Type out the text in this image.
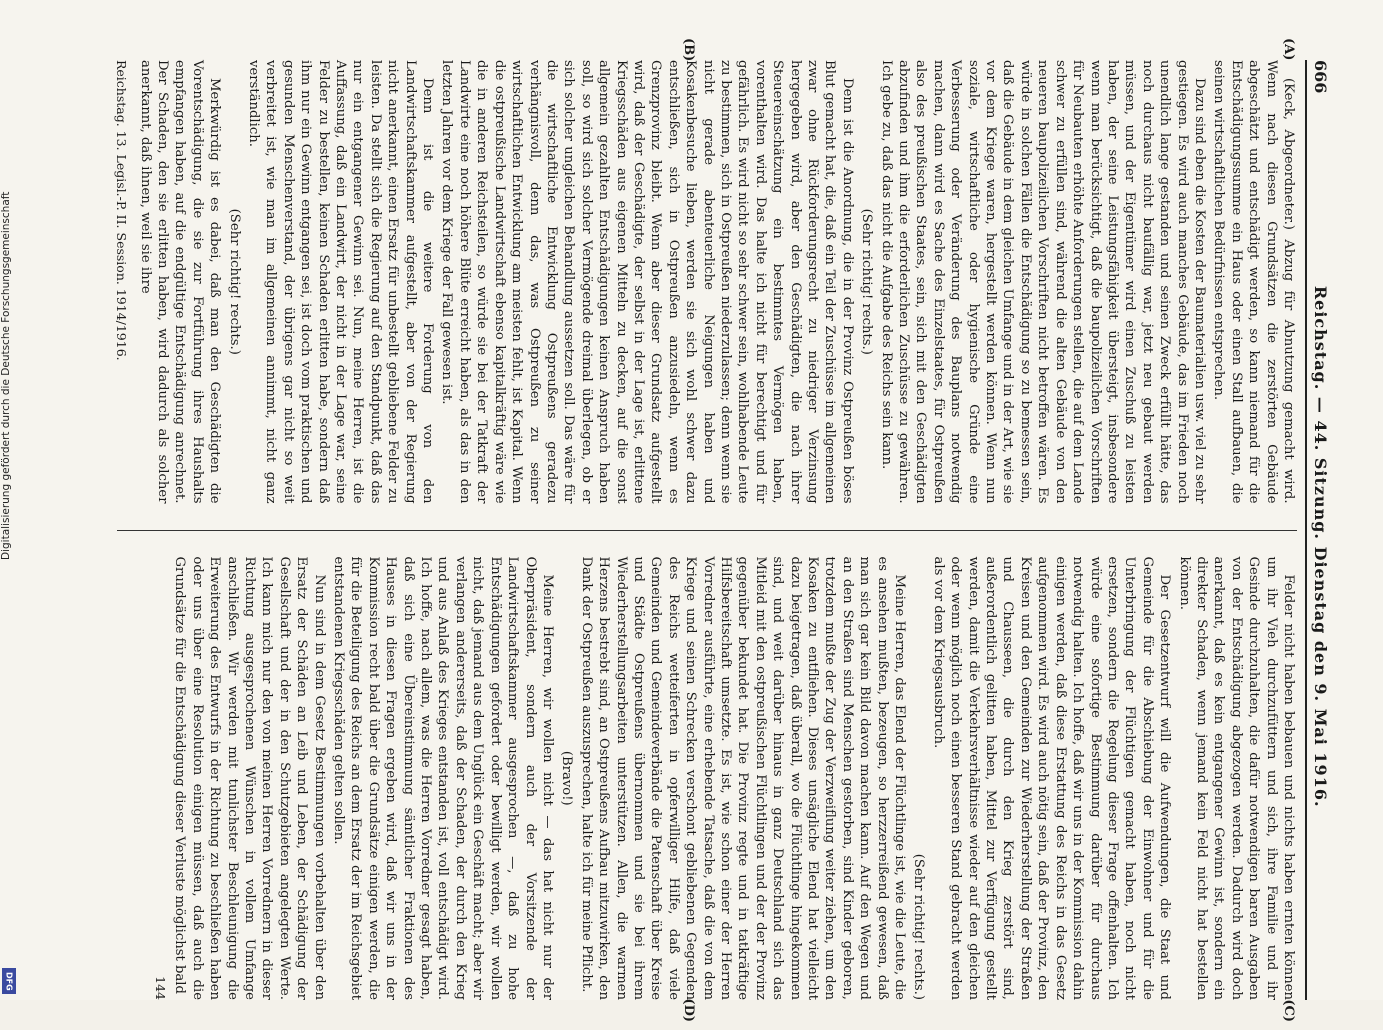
666
Reichstag. — 44. Sitzung. Dienstag den 9. Mai 1916.
(A)
(B)

(Keck, Abgeordneter.) Abzug für Abnutzung gemacht wird. Wenn nach diesen Grundsätzen die zerstörten Gebäude abgeschätzt und entschädigt werden, so kann niemand für die Entschädigungssumme ein Haus oder einen Stall aufbauen, die seinen wirtschaftlichen Bedürfnissen entsprechen.

Dazu sind eben die Kosten der Baumaterialien usw. viel zu sehr gestiegen. Es wird auch manches Gebäude, das im Frieden noch unendlich lange gestanden und seinen Zweck erfüllt hätte, das noch durchaus nicht baufällig war, jetzt neu gebaut werden müssen, und der Eigentümer wird einen Zuschuß zu leisten haben, der seine Leistungsfähigkeit übersteigt, insbesondere wenn man berücksichtigt, daß die baupolizeilichen Vorschriften für Neubauten erhöhte Anforderungen stellen, die auf dem Lande schwer zu erfüllen sind, während die alten Gebäude von den neueren baupolizeilichen Vorschriften nicht betroffen wären. Es würde in solchen Fällen die Entschädigung so zu bemessen sein, daß die Gebäude in dem gleichen Umfange und in der Art, wie sie vor dem Kriege waren, hergestellt werden können. Wenn nun soziale, wirtschaftliche oder hygienische Gründe eine Verbesserung oder Veränderung des Bauplans notwendig machen, dann wird es Sache des Einzelstaates, für Ostpreußen also des preußischen Staates, sein, sich mit den Geschädigten abzufinden und ihm die erforderlichen Zuschüsse zu gewähren. Ich gebe zu, daß das nicht die Aufgabe des Reichs sein kann.

(Sehr richtig! rechts.)

Denn ist die Anordnung, die in der Provinz Ostpreußen böses Blut gemacht hat, die, daß ein Teil der Zuschüsse im allgemeinen zwar ohne Rückforderungsrecht zu niedriger Verzinsung hergegeben wird, aber den Geschädigten, die nach ihrer Steuereinschätzung ein bestimmtes Vermögen haben, vorenthalten wird. Das halte ich nicht für berechtigt und für gefährlich. Es wird nicht so sehr schwer sein, wohlhabende Leute zu bestimmen, sich in Ostpreußen niederzulassen; denn wenn sie nicht gerade abenteuerliche Neigungen haben und Kosakenbesuche lieben, werden sie sich wohl schwer dazu entschließen, sich in Ostpreußen anzusiedeln, wenn es Grenzprovinz bleibt. Wenn aber dieser Grundsatz aufgestellt wird, daß der Geschädigte, der selbst in der Lage ist, erlittene Kriegsschäden aus eigenen Mitteln zu decken, auf die sonst allgemein gezahlten Entschädigungen keinen Anspruch haben soll, so wird sich solcher Vermögende dreimal überlegen, ob er sich solcher ungleichen Behandlung aussetzen soll. Das wäre für die wirtschaftliche Entwicklung Ostpreußens geradezu verhängnisvoll, denn das, was Ostpreußen zu seiner wirtschaftlichen Entwicklung am meisten fehlt, ist Kapital. Wenn die ostpreußische Landwirtschaft ebenso kapitalkräftig wäre wie die in anderen Reichsteilen, so würde sie bei der Tatkraft der Landwirte eine noch höhere Blüte erreicht haben, als das in den letzten Jahren vor dem Kriege der Fall gewesen ist.

Denn ist die weitere Forderung von den Landwirtschaftskammer aufgestellt, aber von der Regierung nicht anerkannt, einen Ersatz für unbestellt gebliebene Felder zu leisten. Da stellt sich die Regierung auf den Standpunkt, daß das nur ein entgangener Gewinn sei. Nun, meine Herren, ist die Auffassung, daß ein Landwirt, der nicht in der Lage war, seine Felder zu bestellen, keinen Schaden erlitten habe, sondern daß ihm nur ein Gewinn entgangen sei, ist doch vom praktischen und gesunden Menschenverstand, der übrigens gar nicht so weit verbreitet ist, wie man im allgemeinen annimmt, nicht ganz verständlich.

(Sehr richtig! rechts.)

Merkwürdig ist es dabei, daß man den Geschädigten die Vorentschädigung, die sie zur Fortführung ihres Haushalts empfangen haben, auf die endgültige Entschädigung anrechnet. Der Schaden, den sie erlitten haben, wird dadurch als solcher anerkannt, daß ihnen, weil sie ihre

Reichstag. 13. Legisl.-P. II. Session. 1914/1916.
(C)
(D)

Felder nicht haben bebauen und nichts haben ernten können um ihr Vieh durchzufüttern und sich, ihre Familie und ihr Gesinde durchzuhalten, die dafür notwendigen baren Ausgaben von der Entschädigung abgezogen werden. Dadurch wird doch anerkannt, daß es kein entgangener Gewinn ist, sondern ein direkter Schaden, wenn jemand kein Feld nicht hat bestellen können.

Der Gesetzentwurf will die Aufwendungen, die Staat und Gemeinde für die Abschiebung der Einwohner und für die Unterbringung der Flüchtigen gemacht haben, noch nicht ersetzen, sondern die Regelung dieser Frage offenhalten. Ich würde eine sofortige Bestimmung darüber für durchaus notwendig halten. Ich hoffe, daß wir uns in der Kommission dahin einigen werden, daß diese Erstattung des Reichs in das Gesetz aufgenommen wird. Es wird auch nötig sein, daß der Provinz, den Kreisen und den Gemeinden zur Wiederherstellung der Straßen und Chausseen, die durch den Krieg zerstört sind, außerordentlich gelitten haben, Mittel zur Verfügung gestellt werden, damit die Verkehrsverhältnisse wieder auf den gleichen oder wenn möglich noch einen besseren Stand gebracht werden als vor dem Kriegsausbruch.

(Sehr richtig! rechts.)

Meine Herren, das Elend der Flüchtlinge ist, wie die Leute, die es ansehen mußten, bezeugen, so herzzerreißend gewesen, daß man sich gar kein Bild davon machen kann. Auf den Wegen und an den Straßen sind Menschen gestorben, sind Kinder geboren, trotzdem mußte der Zug der Verzweiflung weiter ziehen, um den Kosaken zu entfliehen. Dieses unsägliche Elend hat vielleicht dazu beigetragen, daß überall, wo die Flüchtlinge hingekommen sind, und weit darüber hinaus in ganz Deutschland sich das Mitleid mit den ostpreußischen Flüchtlingen und der der Provinz gegenüber bekundet hat. Die Provinz regte und in tatkräftige Hilfsbereitschaft umsetzte. Es ist, wie schon einer der Herren Vorredner ausführte, eine erhebende Tatsache, daß die von dem Kriege und seinen Schrecken verschont gebliebenen Gegenden des Reichs wetteiferten in opferwilliger Hilfe, daß viele Gemeinden und Gemeindeverbände die Patenschaft über Kreise und Städte Ostpreußens übernommen und sie bei ihrem Wiederherstellungsarbeiten unterstützen. Allen, die warmen Herzens bestrebt sind, an Ostpreußens Aufbau mitzuwirken, den Dank der Ostpreußen auszusprechen, halte ich für meine Pflicht.

(Bravo!)

Meine Herren, wir wollen nicht — das hat nicht nur der Oberpräsident, sondern auch der Vorsitzende der Landwirtschaftskammer ausgesprochen —, daß zu hohe Entschädigungen gefordert oder bewilligt werden, wir wollen nicht, daß jemand aus dem Unglück ein Geschäft macht; aber wir verlangen andererseits, daß der Schaden, der durch den Krieg und aus Anlaß des Krieges entstanden ist, voll entschädigt wird. Ich hoffe, nach allem, was die Herren Vorredner gesagt haben, daß sich eine Übereinstimmung sämtlicher Fraktionen des Hauses in diesen Fragen ergeben wird, daß wir uns in der Kommission recht bald über die Grundsätze einigen werden, die für die Beteiligung des Reichs an dem Ersatz der im Reichsgebiet entstandenen Kriegsschäden gelten sollen.

Nun sind in dem Gesetz Bestimmungen vorbehalten über den Ersatz der Schäden an Leib und Leben, der Schädigung der Gesellschaft und der in den Schutzgebieten angelegten Werte. Ich kann mich nur den von meinen Herren Vorrednern in dieser Richtung ausgesprochenen Wünschen in vollem Umfange anschließen. Wir werden mit tunlichster Beschleunigung die Erweiterung des Entwurfs in der Richtung zu beschließen haben oder uns über eine Resolution einigen müssen, daß auch die Grundsätze für die Entschädigung dieser Verluste möglichst bald

144
Digitalisierung gefördert durch die Deutsche Forschungsgemeinschaft
DFG
